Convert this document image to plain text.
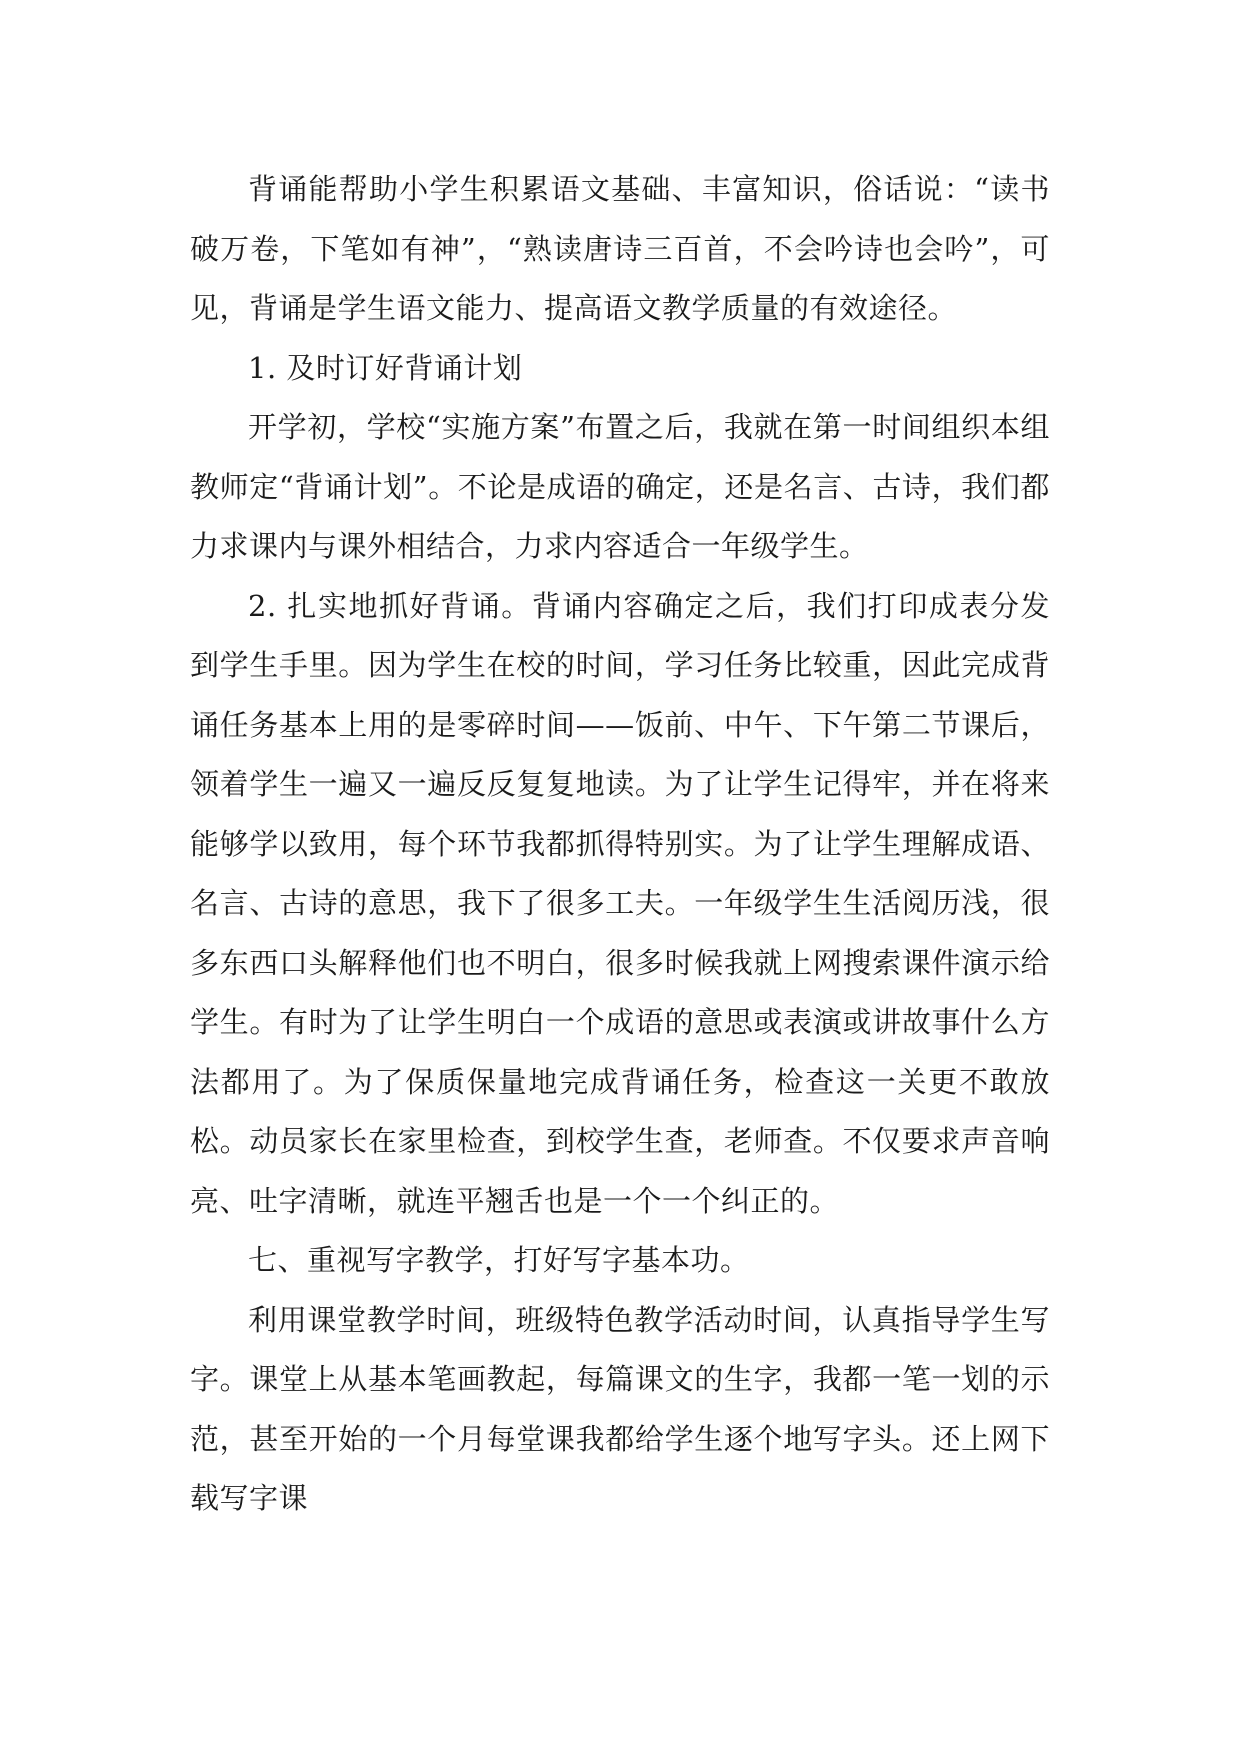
背诵能帮助小学生积累语文基础、丰富知识，俗话说：“读书破万卷，下笔如有神”，“熟读唐诗三百首，不会吟诗也会吟”，可见，背诵是学生语文能力、提高语文教学质量的有效途径。

1. 及时订好背诵计划

开学初，学校“实施方案”布置之后，我就在第一时间组织本组教师定“背诵计划”。不论是成语的确定，还是名言、古诗，我们都力求课内与课外相结合，力求内容适合一年级学生。

2. 扎实地抓好背诵。背诵内容确定之后，我们打印成表分发到学生手里。因为学生在校的时间，学习任务比较重，因此完成背诵任务基本上用的是零碎时间——饭前、中午、下午第二节课后，领着学生一遍又一遍反反复复地读。为了让学生记得牢，并在将来能够学以致用，每个环节我都抓得特别实。为了让学生理解成语、名言、古诗的意思，我下了很多工夫。一年级学生生活阅历浅，很多东西口头解释他们也不明白，很多时候我就上网搜索课件演示给学生。有时为了让学生明白一个成语的意思或表演或讲故事什么方法都用了。为了保质保量地完成背诵任务，检查这一关更不敢放松。动员家长在家里检查，到校学生查，老师查。不仅要求声音响亮、吐字清晰，就连平翘舌也是一个一个纠正的。

七、重视写字教学，打好写字基本功。

利用课堂教学时间，班级特色教学活动时间，认真指导学生写字。课堂上从基本笔画教起，每篇课文的生字，我都一笔一划的示范，甚至开始的一个月每堂课我都给学生逐个地写字头。还上网下载写字课
